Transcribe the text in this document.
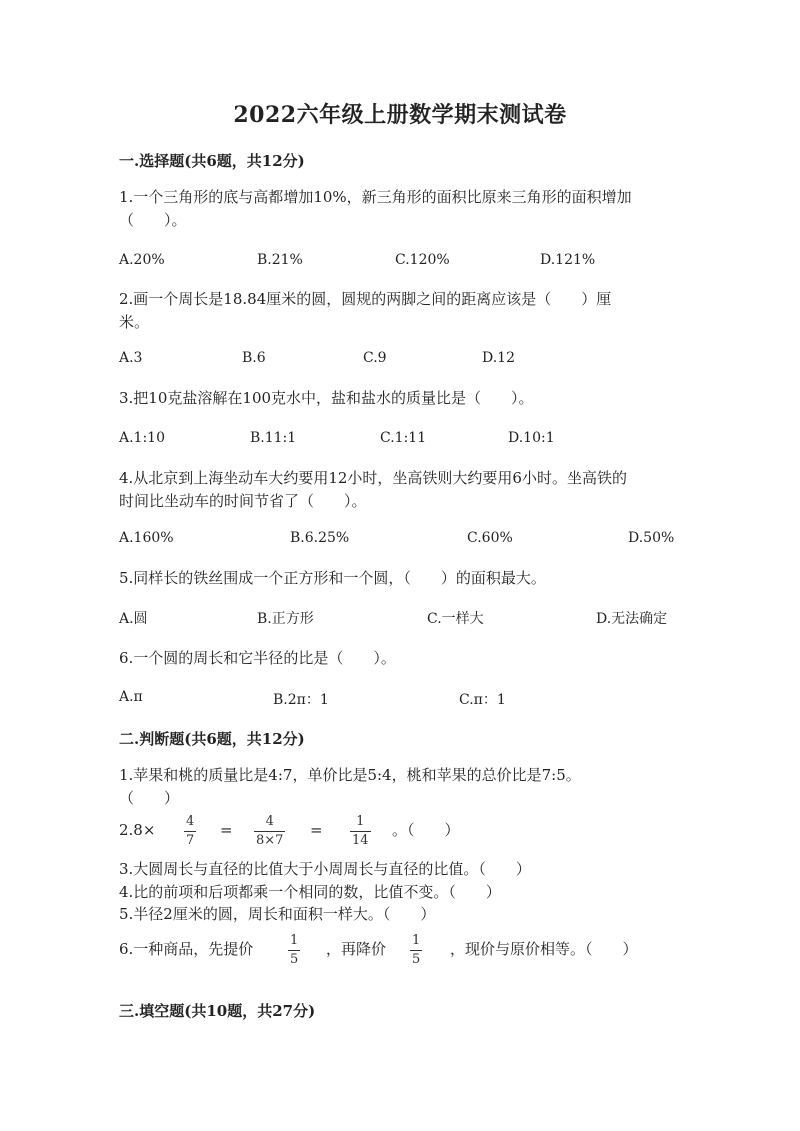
2022六年级上册数学期末测试卷
一.选择题(共6题，共12分)
1.一个三角形的底与高都增加10%，新三角形的面积比原来三角形的面积增加
（　　）。
A.20%	B.21%	C.120%	D.121%
2.画一个周长是18.84厘米的圆，圆规的两脚之间的距离应该是（　　）厘
米。
A.3	B.6	C.9	D.12
3.把10克盐溶解在100克水中，盐和盐水的质量比是（　　）。
A.1:10	B.11:1	C.1:11	D.10:1
4.从北京到上海坐动车大约要用12小时，坐高铁则大约要用6小时。坐高铁的
时间比坐动车的时间节省了（　　）。
A.160%	B.6.25%	C.60%	D.50%
5.同样长的铁丝围成一个正方形和一个圆，（　　）的面积最大。
A.圆	B.正方形	C.一样大	D.无法确定
6.一个圆的周长和它半径的比是（　　）。
A.π	B.2π：1	C.π：1
二.判断题(共6题，共12分)
1.苹果和桃的质量比是4:7，单价比是5:4，桃和苹果的总价比是7:5。
（　　）
2.8× 4
7
=	4
8×7
=	1
14
。（　　）
3.大圆周长与直径的比值大于小周周长与直径的比值。（　　）
4.比的前项和后项都乘一个相同的数，比值不变。（　　）
5.半径2厘米的圆，周长和面积一样大。（　　）
6.一种商品，先提价	1
5
，再降价 1
5
，现价与原价相等。（　　）
三.填空题(共10题，共27分)
